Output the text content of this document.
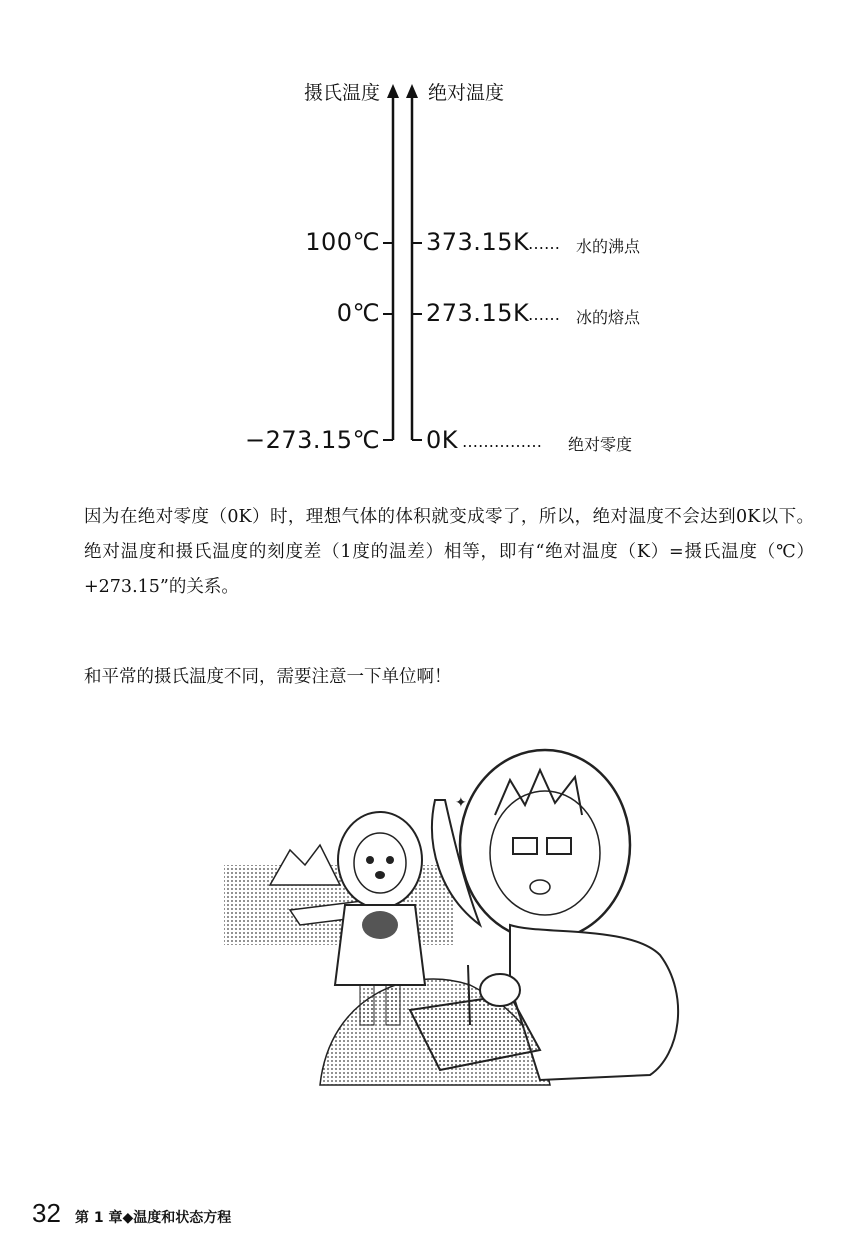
摄氏温度	绝对温度
100℃ 373.15K
…… 水的沸点
0℃ 273.15K
…… 冰的熔点
−273.15℃ 0K …………… 绝对零度

因为在绝对零度（0K）时，理想气体的体积就变成零了，所以，绝对温度不会达到0K以下。绝对温度和摄氏温度的刻度差（1度的温差）相等，即有“绝对温度（K）=摄氏温度（℃）+273.15”的关系。

和平常的摄氏温度不同，需要注意一下单位啊！

✦
32 第 1 章◆温度和状态方程
